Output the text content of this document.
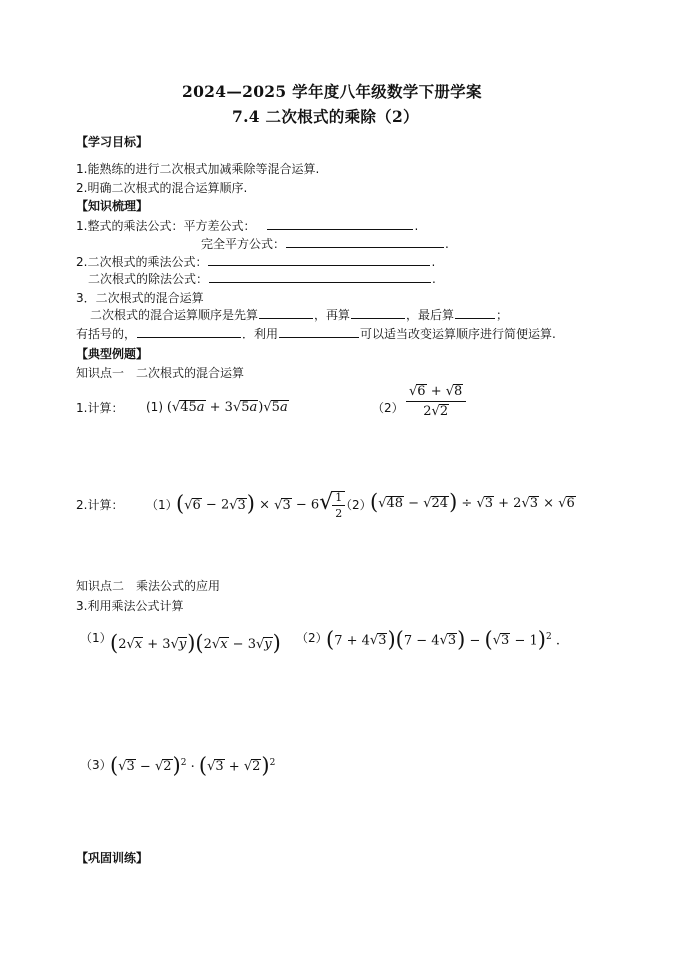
2024—2025 学年度八年级数学下册学案
7.4 二次根式的乘除（2）
【学习目标】
1.能熟练的进行二次根式加减乘除等混合运算.
2.明确二次根式的混合运算顺序.
【知识梳理】
1.整式的乘法公式：平方差公式：	.
完全平方公式：	.
2.二次根式的乘法公式：	.
二次根式的除法公式：	.
3．二次根式的混合运算
二次根式的混合运算顺序是先算	，再算	，最后算	；
有括号的，	．利用	可以适当改变运算顺序进行简便运算.
【典型例题】
知识点一　二次根式的混合运算
1.计算： (1) (√45a + 3√5a)√5a	$(2) \frac{√6 + √8}{2√2}$
2.计算： （1）
$(√6 - 2√3) \times √3 - 6√ \frac{1}{2}$
（2）
(√48 − √24) ÷ √3 + 2√3 × √6
知识点二　乘法公式的应用
3.利用乘法公式计算
（1）
(2√x + 3√y)(2√x − 3√y) （2）
$(7 + 4√3)(7 - 4√3) - (√3 - 1)^2$ .
（3）
$(√3 - √2)^2 \cdot (√3 + √2)^2$
【巩固训练】
